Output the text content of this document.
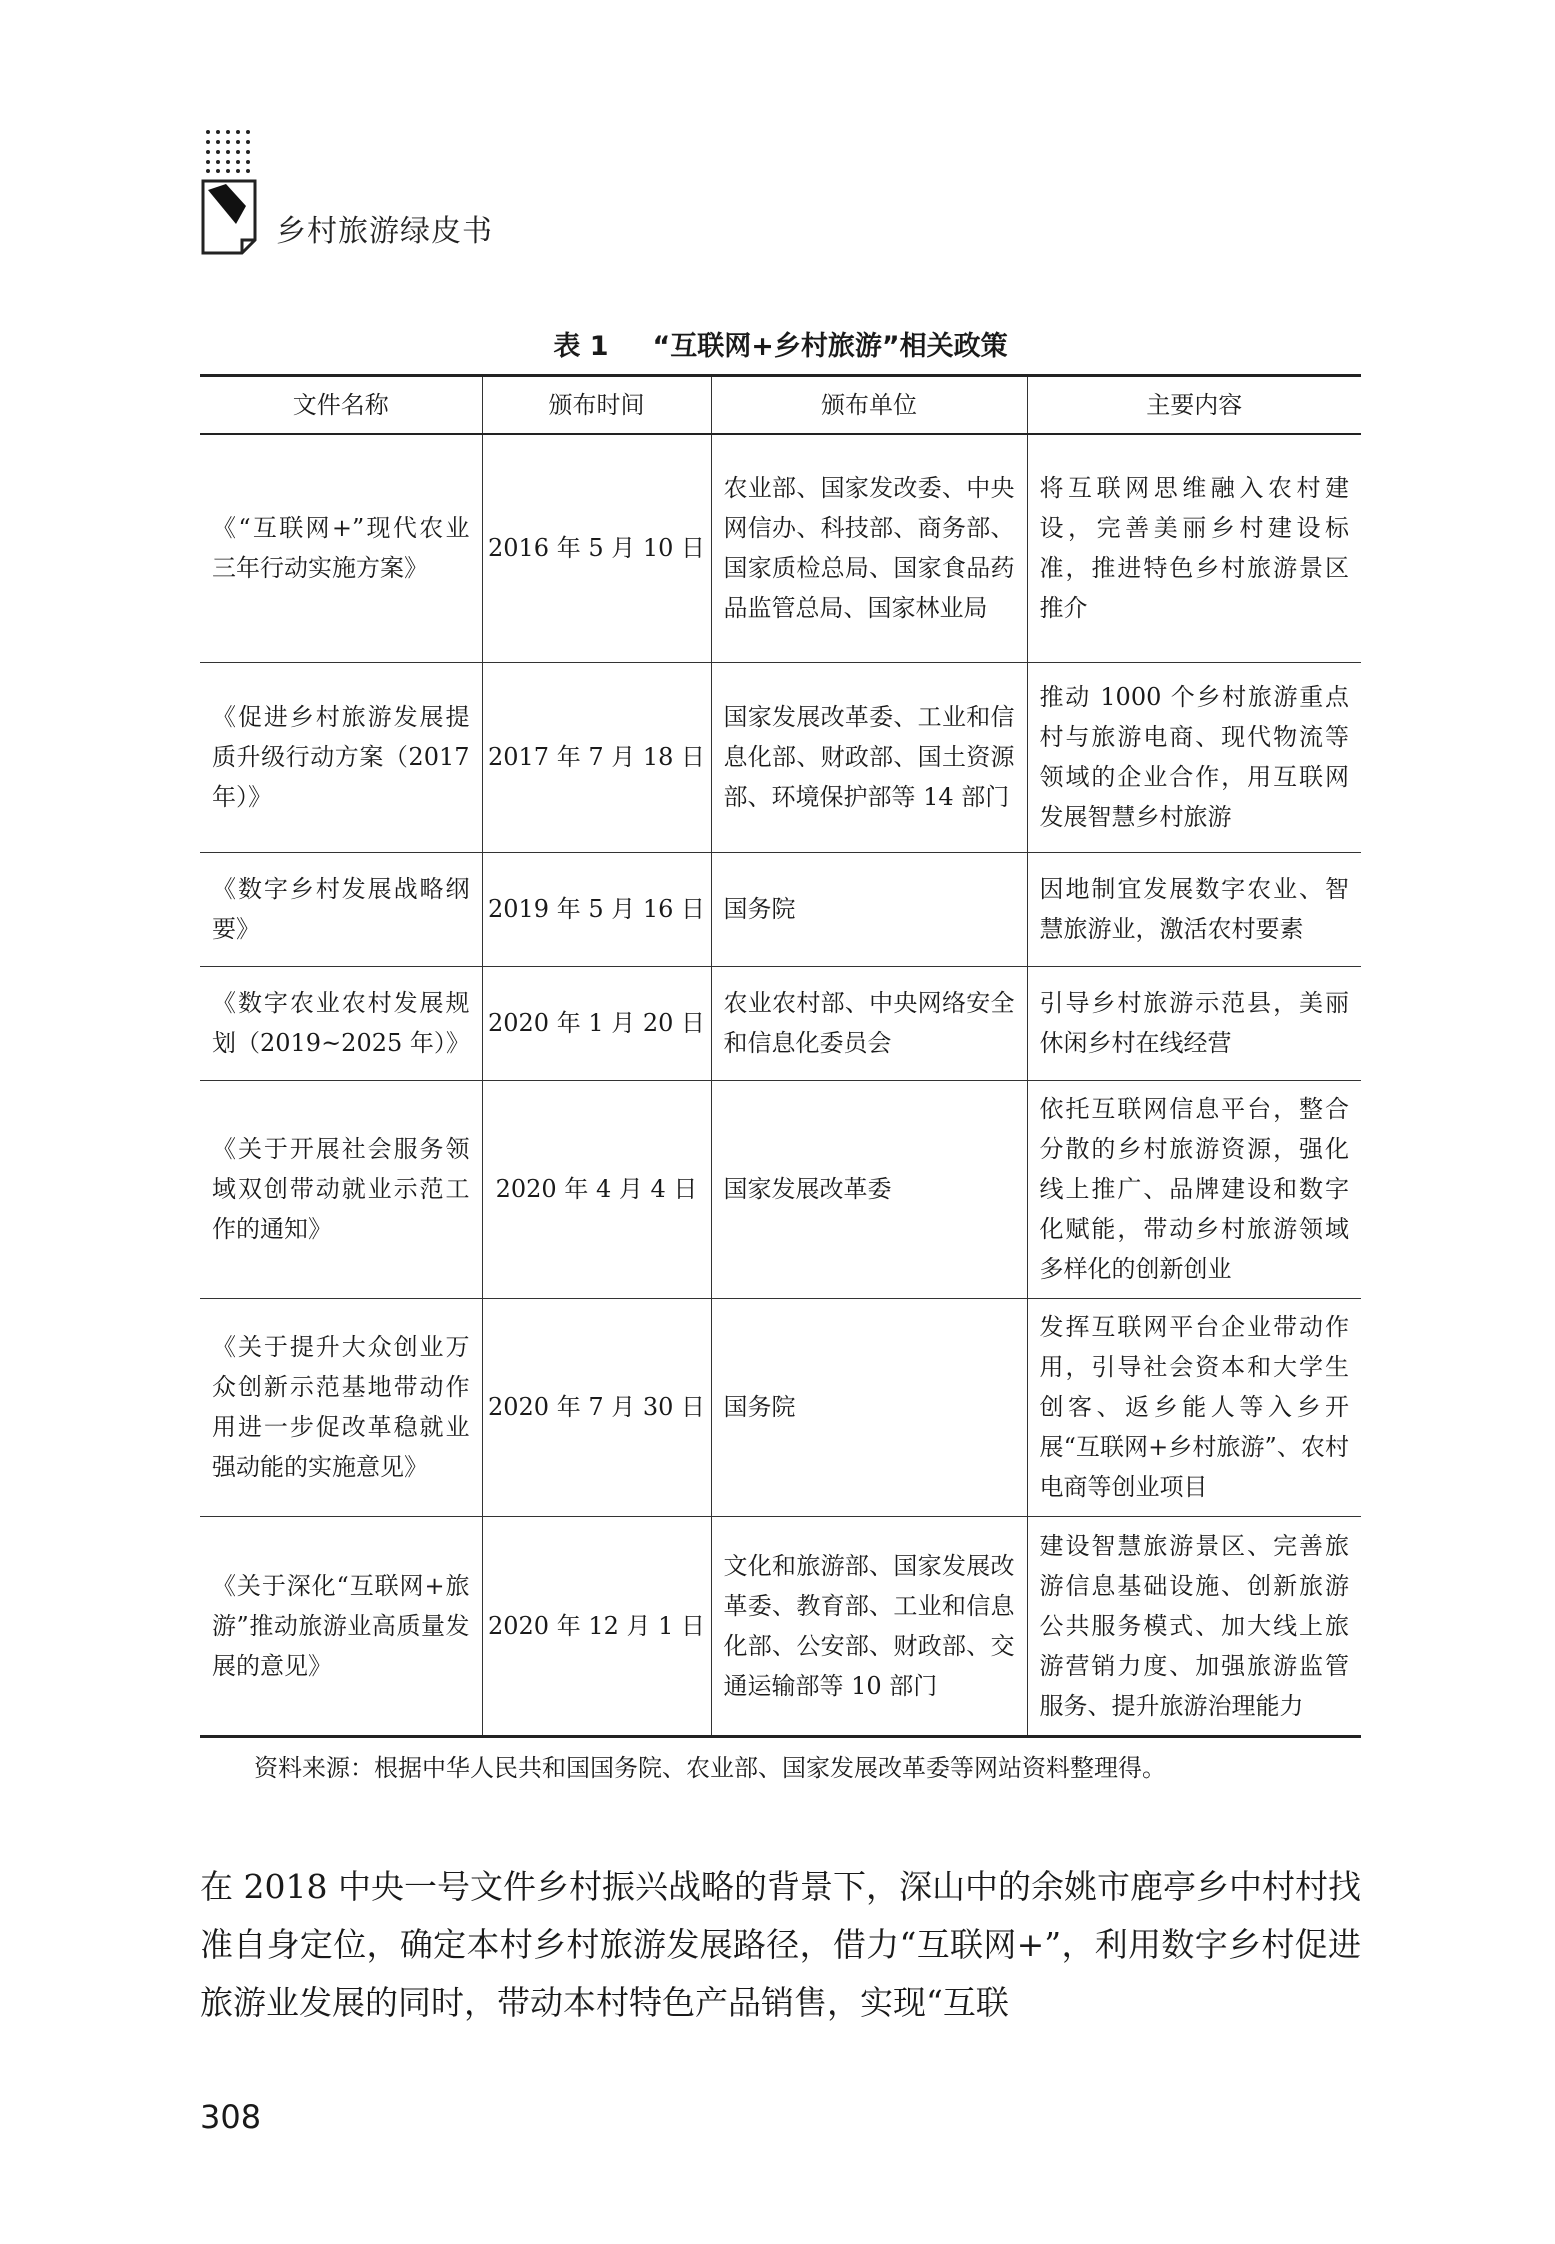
乡村旅游绿皮书
表 1 “互联网+乡村旅游”相关政策
文件名称	颁布时间	颁布单位	主要内容
《“互联网+”现代农业三年行动实施方案》	2016 年 5 月 10 日	农业部、国家发改委、中央网信办、科技部、商务部、国家质检总局、国家食品药品监管总局、国家林业局	将互联网思维融入农村建设，完善美丽乡村建设标准，推进特色乡村旅游景区推介
《促进乡村旅游发展提质升级行动方案（2017 年）》	2017 年 7 月 18 日	国家发展改革委、工业和信息化部、财政部、国土资源部、环境保护部等 14 部门	推动 1000 个乡村旅游重点村与旅游电商、现代物流等领域的企业合作，用互联网发展智慧乡村旅游
《数字乡村发展战略纲要》	2019 年 5 月 16 日	国务院	因地制宜发展数字农业、智慧旅游业，激活农村要素
《数字农业农村发展规划（2019~2025 年）》	2020 年 1 月 20 日	农业农村部、中央网络安全和信息化委员会	引导乡村旅游示范县，美丽休闲乡村在线经营
《关于开展社会服务领域双创带动就业示范工作的通知》	2020 年 4 月 4 日	国家发展改革委	依托互联网信息平台，整合分散的乡村旅游资源，强化线上推广、品牌建设和数字化赋能，带动乡村旅游领域多样化的创新创业
《关于提升大众创业万众创新示范基地带动作用进一步促改革稳就业强动能的实施意见》	2020 年 7 月 30 日	国务院	发挥互联网平台企业带动作用，引导社会资本和大学生创客、返乡能人等入乡开展“互联网+乡村旅游”、农村电商等创业项目
《关于深化“互联网+旅游”推动旅游业高质量发展的意见》	2020 年 12 月 1 日	文化和旅游部、国家发展改革委、教育部、工业和信息化部、公安部、财政部、交通运输部等 10 部门	建设智慧旅游景区、完善旅游信息基础设施、创新旅游公共服务模式、加大线上旅游营销力度、加强旅游监管服务、提升旅游治理能力
资料来源：根据中华人民共和国国务院、农业部、国家发展改革委等网站资料整理得。

在 2018 中央一号文件乡村振兴战略的背景下，深山中的余姚市鹿亭乡中村村找准自身定位，确定本村乡村旅游发展路径，借力“互联网+”，利用数字乡村促进旅游业发展的同时，带动本村特色产品销售，实现“互联

308
